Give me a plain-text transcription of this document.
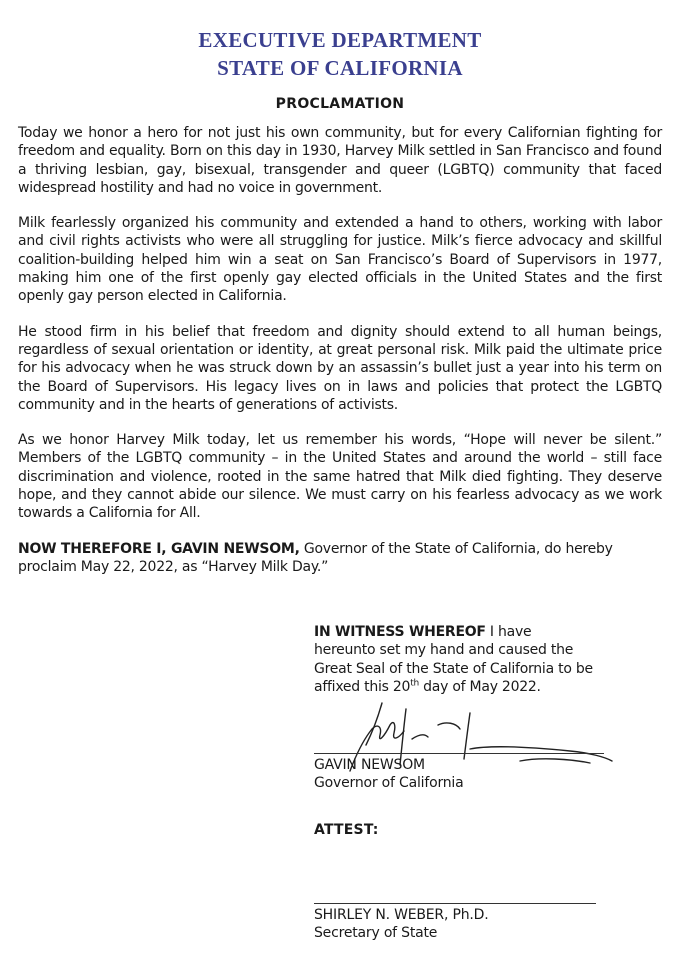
EXECUTIVE DEPARTMENT
STATE OF CALIFORNIA
PROCLAMATION

Today we honor a hero for not just his own community, but for every Californian fighting for freedom and equality. Born on this day in 1930, Harvey Milk settled in San Francisco and found a thriving lesbian, gay, bisexual, transgender and queer (LGBTQ) community that faced widespread hostility and had no voice in government.

Milk fearlessly organized his community and extended a hand to others, working with labor and civil rights activists who were all struggling for justice. Milk’s fierce advocacy and skillful coalition-building helped him win a seat on San Francisco’s Board of Supervisors in 1977, making him one of the first openly gay elected officials in the United States and the first openly gay person elected in California.

He stood firm in his belief that freedom and dignity should extend to all human beings, regardless of sexual orientation or identity, at great personal risk. Milk paid the ultimate price for his advocacy when he was struck down by an assassin’s bullet just a year into his term on the Board of Supervisors. His legacy lives on in laws and policies that protect the LGBTQ community and in the hearts of generations of activists.

As we honor Harvey Milk today, let us remember his words, “Hope will never be silent.” Members of the LGBTQ community – in the United States and around the world – still face discrimination and violence, rooted in the same hatred that Milk died fighting. They deserve hope, and they cannot abide our silence. We must carry on his fearless advocacy as we work towards a California for All.

NOW THEREFORE I, GAVIN NEWSOM, Governor of the State of California, do hereby proclaim May 22, 2022, as “Harvey Milk Day.”

IN WITNESS WHEREOF I have hereunto set my hand and caused the Great Seal of the State of California to be affixed this 20th day of May 2022.

GAVIN NEWSOM
Governor of California
ATTEST:
SHIRLEY N. WEBER, Ph.D.
Secretary of State
